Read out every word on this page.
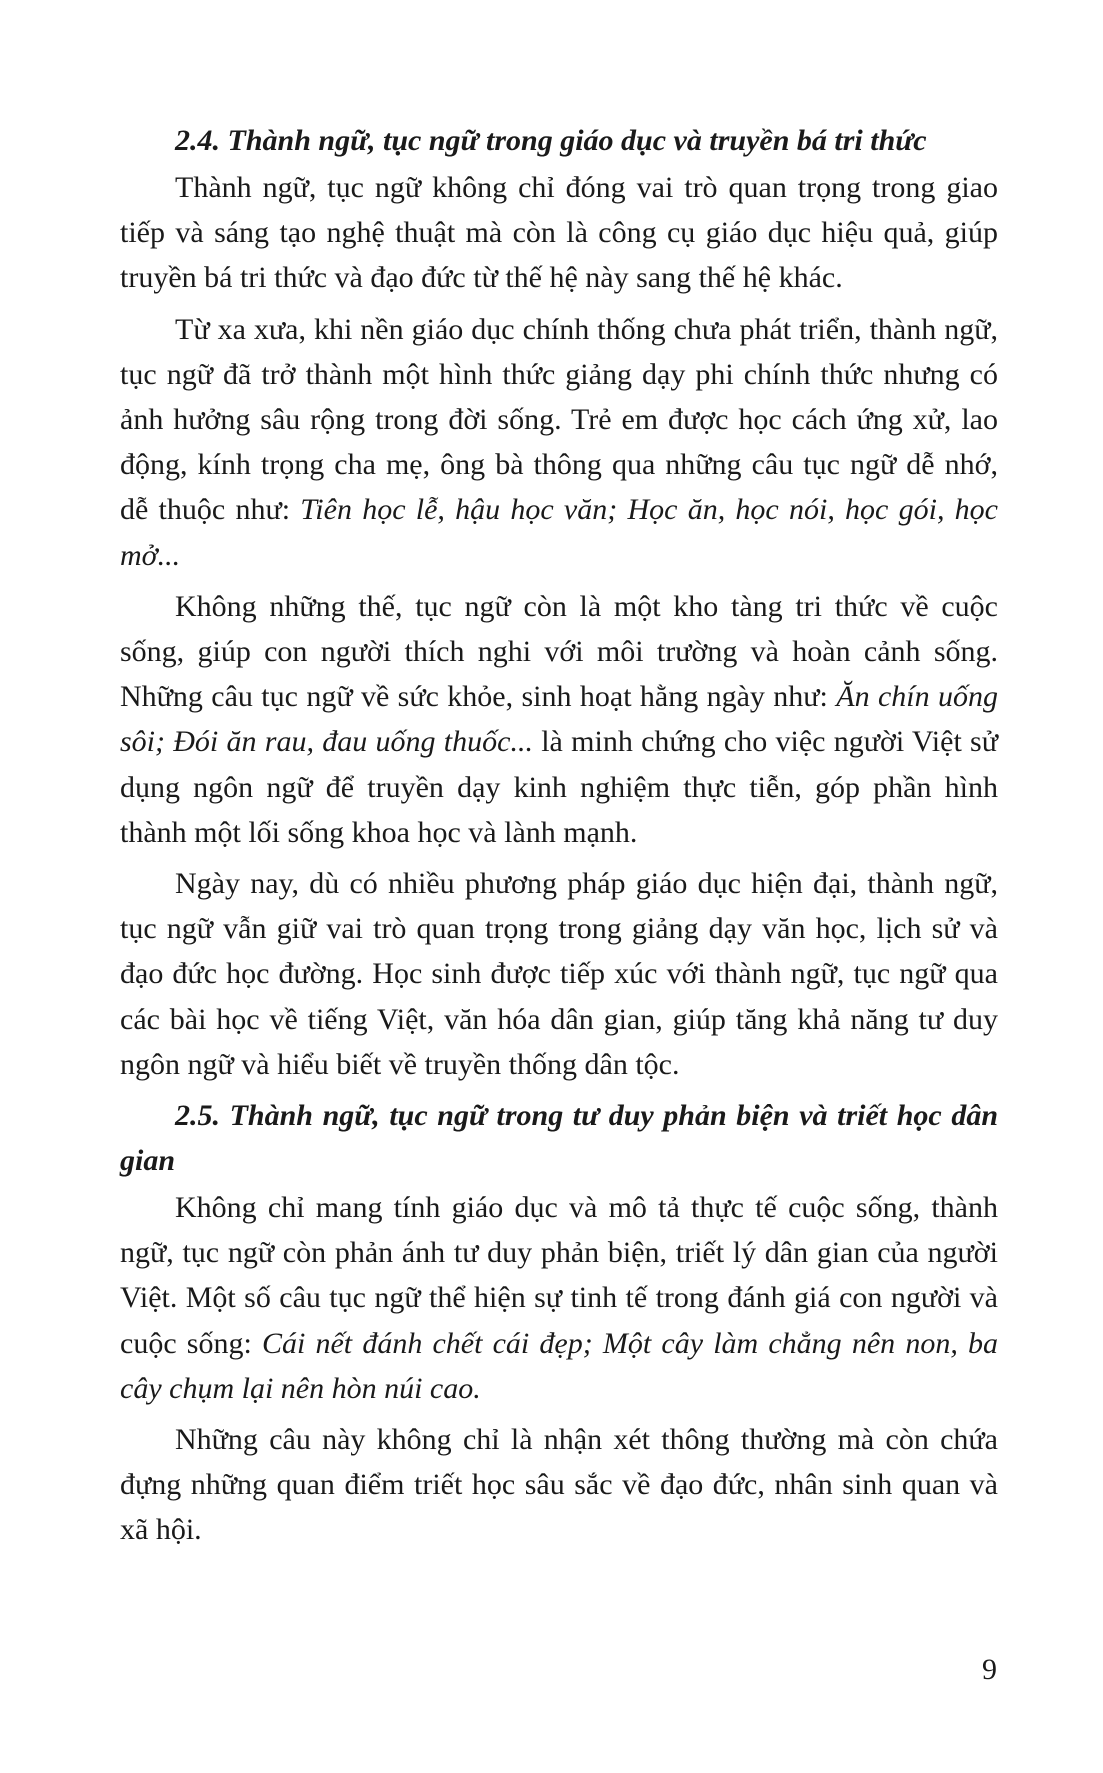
2.4. Thành ngữ, tục ngữ trong giáo dục và truyền bá tri thức

Thành ngữ, tục ngữ không chỉ đóng vai trò quan trọng trong giao tiếp và sáng tạo nghệ thuật mà còn là công cụ giáo dục hiệu quả, giúp truyền bá tri thức và đạo đức từ thế hệ này sang thế hệ khác.

Từ xa xưa, khi nền giáo dục chính thống chưa phát triển, thành ngữ, tục ngữ đã trở thành một hình thức giảng dạy phi chính thức nhưng có ảnh hưởng sâu rộng trong đời sống. Trẻ em được học cách ứng xử, lao động, kính trọng cha mẹ, ông bà thông qua những câu tục ngữ dễ nhớ, dễ thuộc như: Tiên học lễ, hậu học văn; Học ăn, học nói, học gói, học mở...

Không những thế, tục ngữ còn là một kho tàng tri thức về cuộc sống, giúp con người thích nghi với môi trường và hoàn cảnh sống. Những câu tục ngữ về sức khỏe, sinh hoạt hằng ngày như: Ăn chín uống sôi; Đói ăn rau, đau uống thuốc... là minh chứng cho việc người Việt sử dụng ngôn ngữ để truyền dạy kinh nghiệm thực tiễn, góp phần hình thành một lối sống khoa học và lành mạnh.

Ngày nay, dù có nhiều phương pháp giáo dục hiện đại, thành ngữ, tục ngữ vẫn giữ vai trò quan trọng trong giảng dạy văn học, lịch sử và đạo đức học đường. Học sinh được tiếp xúc với thành ngữ, tục ngữ qua các bài học về tiếng Việt, văn hóa dân gian, giúp tăng khả năng tư duy ngôn ngữ và hiểu biết về truyền thống dân tộc.

2.5. Thành ngữ, tục ngữ trong tư duy phản biện và triết học dân gian

Không chỉ mang tính giáo dục và mô tả thực tế cuộc sống, thành ngữ, tục ngữ còn phản ánh tư duy phản biện, triết lý dân gian của người Việt. Một số câu tục ngữ thể hiện sự tinh tế trong đánh giá con người và cuộc sống: Cái nết đánh chết cái đẹp; Một cây làm chẳng nên non, ba cây chụm lại nên hòn núi cao.

Những câu này không chỉ là nhận xét thông thường mà còn chứa đựng những quan điểm triết học sâu sắc về đạo đức, nhân sinh quan và xã hội.

9
